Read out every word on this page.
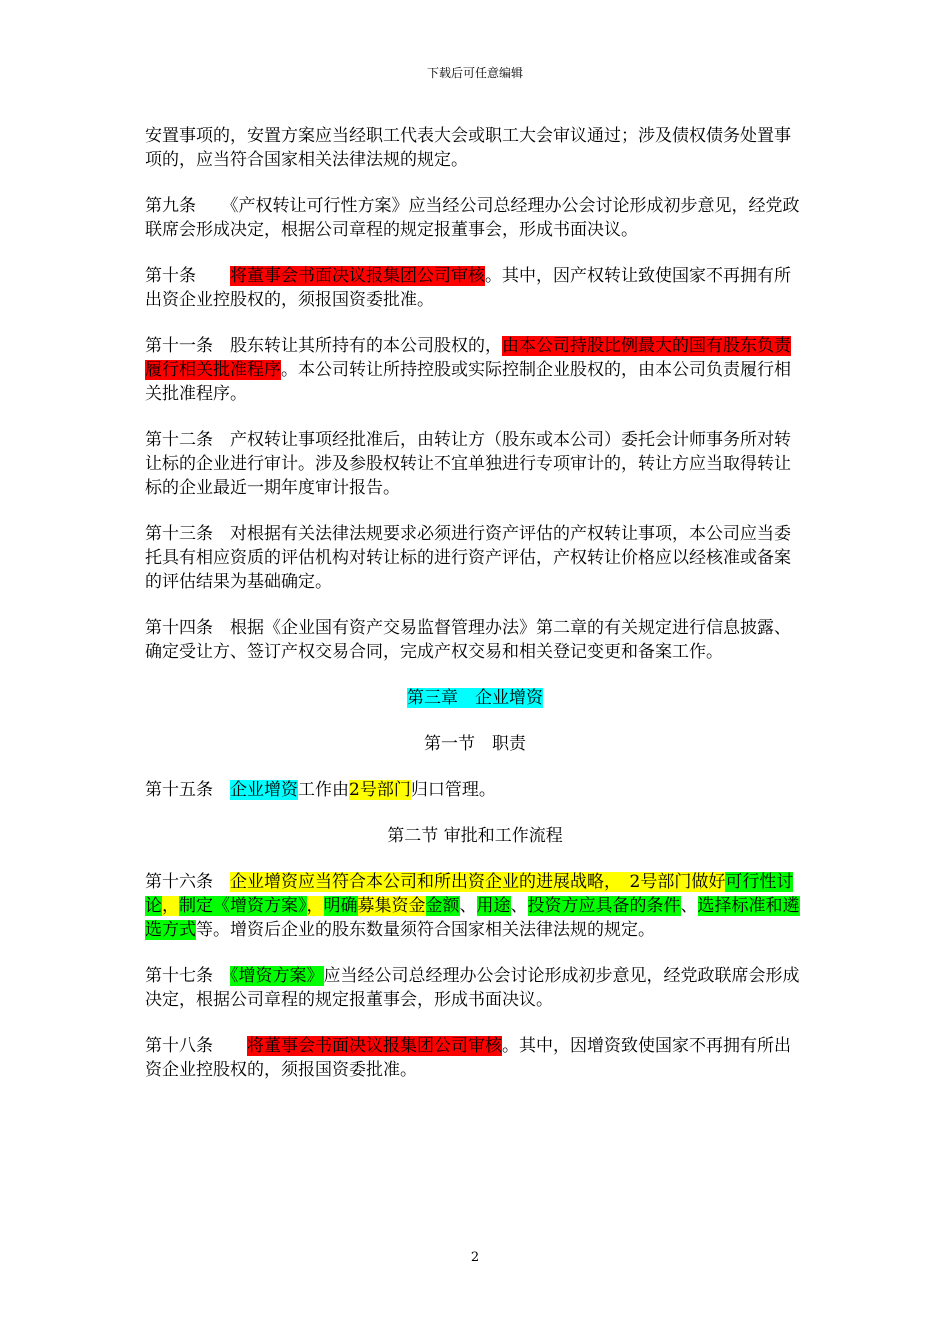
下载后可任意编辑

安置事项的，安置方案应当经职工代表大会或职工大会审议通过；涉及债权债务处置事项的，应当符合国家相关法律法规的规定。

第九条　　 《产权转让可行性方案》应当经公司总经理办公会讨论形成初步意见，经党政联席会形成决定，根据公司章程的规定报董事会，形成书面决议。

第十条　　 将董事会书面决议报集团公司审核。其中，因产权转让致使国家不再拥有所出资企业控股权的，须报国资委批准。

第十一条　 股东转让其所持有的本公司股权的，由本公司持股比例最大的国有股东负责履行相关批准程序。本公司转让所持控股或实际控制企业股权的，由本公司负责履行相关批准程序。

第十二条　 产权转让事项经批准后，由转让方（股东或本公司）委托会计师事务所对转让标的企业进行审计。涉及参股权转让不宜单独进行专项审计的，转让方应当取得转让标的企业最近一期年度审计报告。

第十三条　 对根据有关法律法规要求必须进行资产评估的产权转让事项，本公司应当委托具有相应资质的评估机构对转让标的进行资产评估，产权转让价格应以经核准或备案的评估结果为基础确定。

第十四条　 根据《企业国有资产交易监督管理办法》第二章的有关规定进行信息披露、确定受让方、签订产权交易合同，完成产权交易和相关登记变更和备案工作。

第三章　企业增资

第一节　职责

第十五条　 企业增资工作由2号部门归口管理。

第二节 审批和工作流程

第十六条　 企业增资应当符合本公司和所出资企业的进展战略，　2号部门做好可行性讨论，制定《增资方案》，明确募集资金金额、用途、投资方应具备的条件、选择标准和遴选方式等。增资后企业的股东数量须符合国家相关法律法规的规定。

第十七条　 《增资方案》应当经公司总经理办公会讨论形成初步意见，经党政联席会形成决定，根据公司章程的规定报董事会，形成书面决议。

第十八条　　 将董事会书面决议报集团公司审核。其中，因增资致使国家不再拥有所出资企业控股权的，须报国资委批准。

2
